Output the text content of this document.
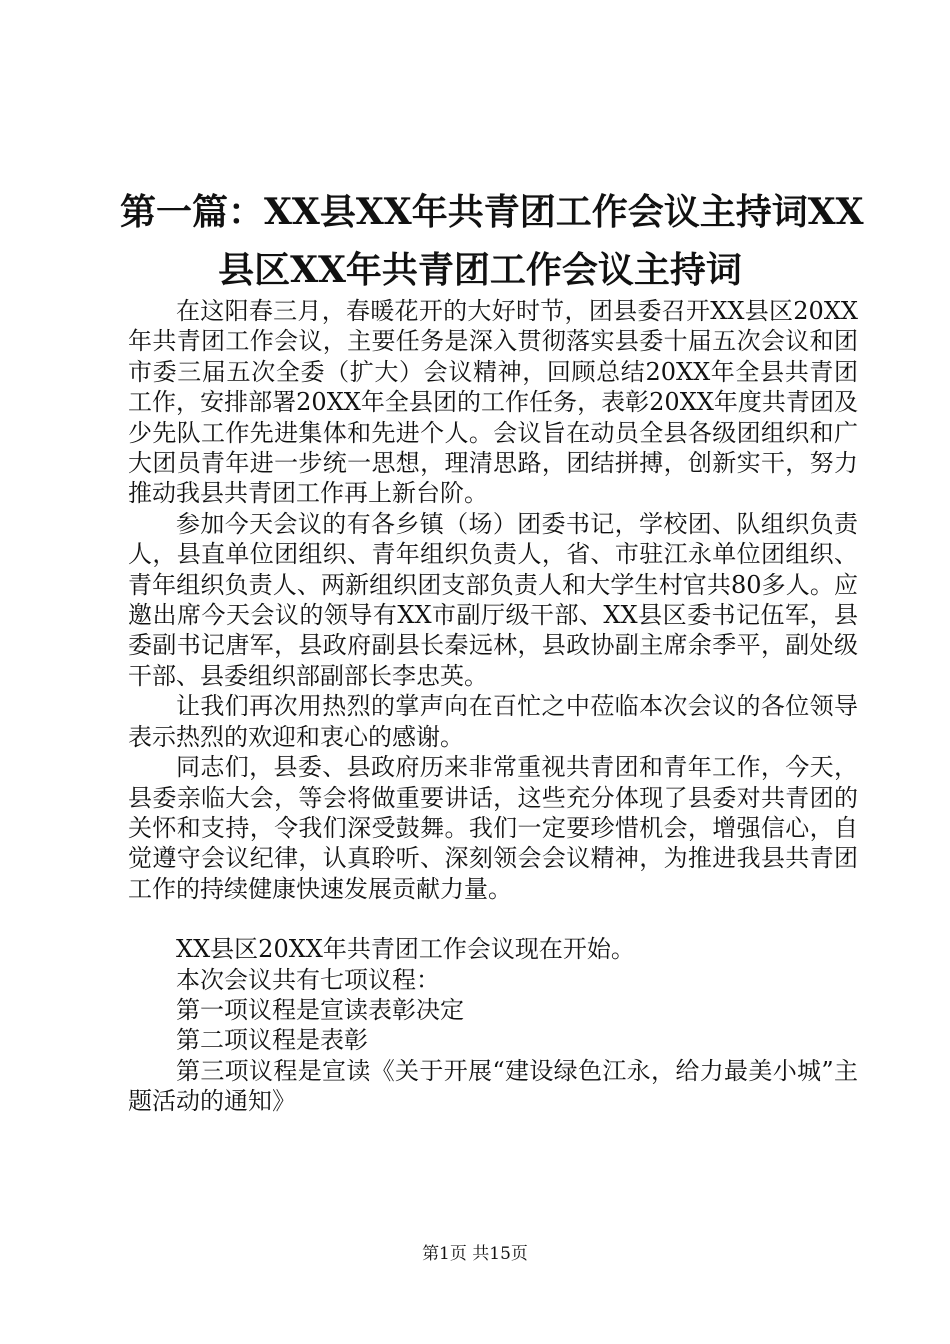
第一篇：XX县XX年共青团工作会议主持词XX
县区XX年共青团工作会议主持词

在这阳春三月，春暖花开的大好时节，团县委召开XX县区20XX年共青团工作会议，主要任务是深入贯彻落实县委十届五次会议和团市委三届五次全委（扩大）会议精神，回顾总结20XX年全县共青团工作，安排部署20XX年全县团的工作任务，表彰20XX年度共青团及少先队工作先进集体和先进个人。会议旨在动员全县各级团组织和广大团员青年进一步统一思想，理清思路，团结拼搏，创新实干，努力推动我县共青团工作再上新台阶。

参加今天会议的有各乡镇（场）团委书记，学校团、队组织负责人，县直单位团组织、青年组织负责人，省、市驻江永单位团组织、青年组织负责人、两新组织团支部负责人和大学生村官共80多人。应邀出席今天会议的领导有XX市副厅级干部、XX县区委书记伍军，县委副书记唐军，县政府副县长秦远林，县政协副主席余季平，副处级干部、县委组织部副部长李忠英。

让我们再次用热烈的掌声向在百忙之中莅临本次会议的各位领导表示热烈的欢迎和衷心的感谢。

同志们，县委、县政府历来非常重视共青团和青年工作，今天，县委亲临大会，等会将做重要讲话，这些充分体现了县委对共青团的关怀和支持，令我们深受鼓舞。我们一定要珍惜机会，增强信心，自觉遵守会议纪律，认真聆听、深刻领会会议精神，为推进我县共青团工作的持续健康快速发展贡献力量。

XX县区20XX年共青团工作会议现在开始。

本次会议共有七项议程：

第一项议程是宣读表彰决定

第二项议程是表彰

第三项议程是宣读《关于开展“建设绿色江永，给力最美小城”主题活动的通知》

第1页 共15页
